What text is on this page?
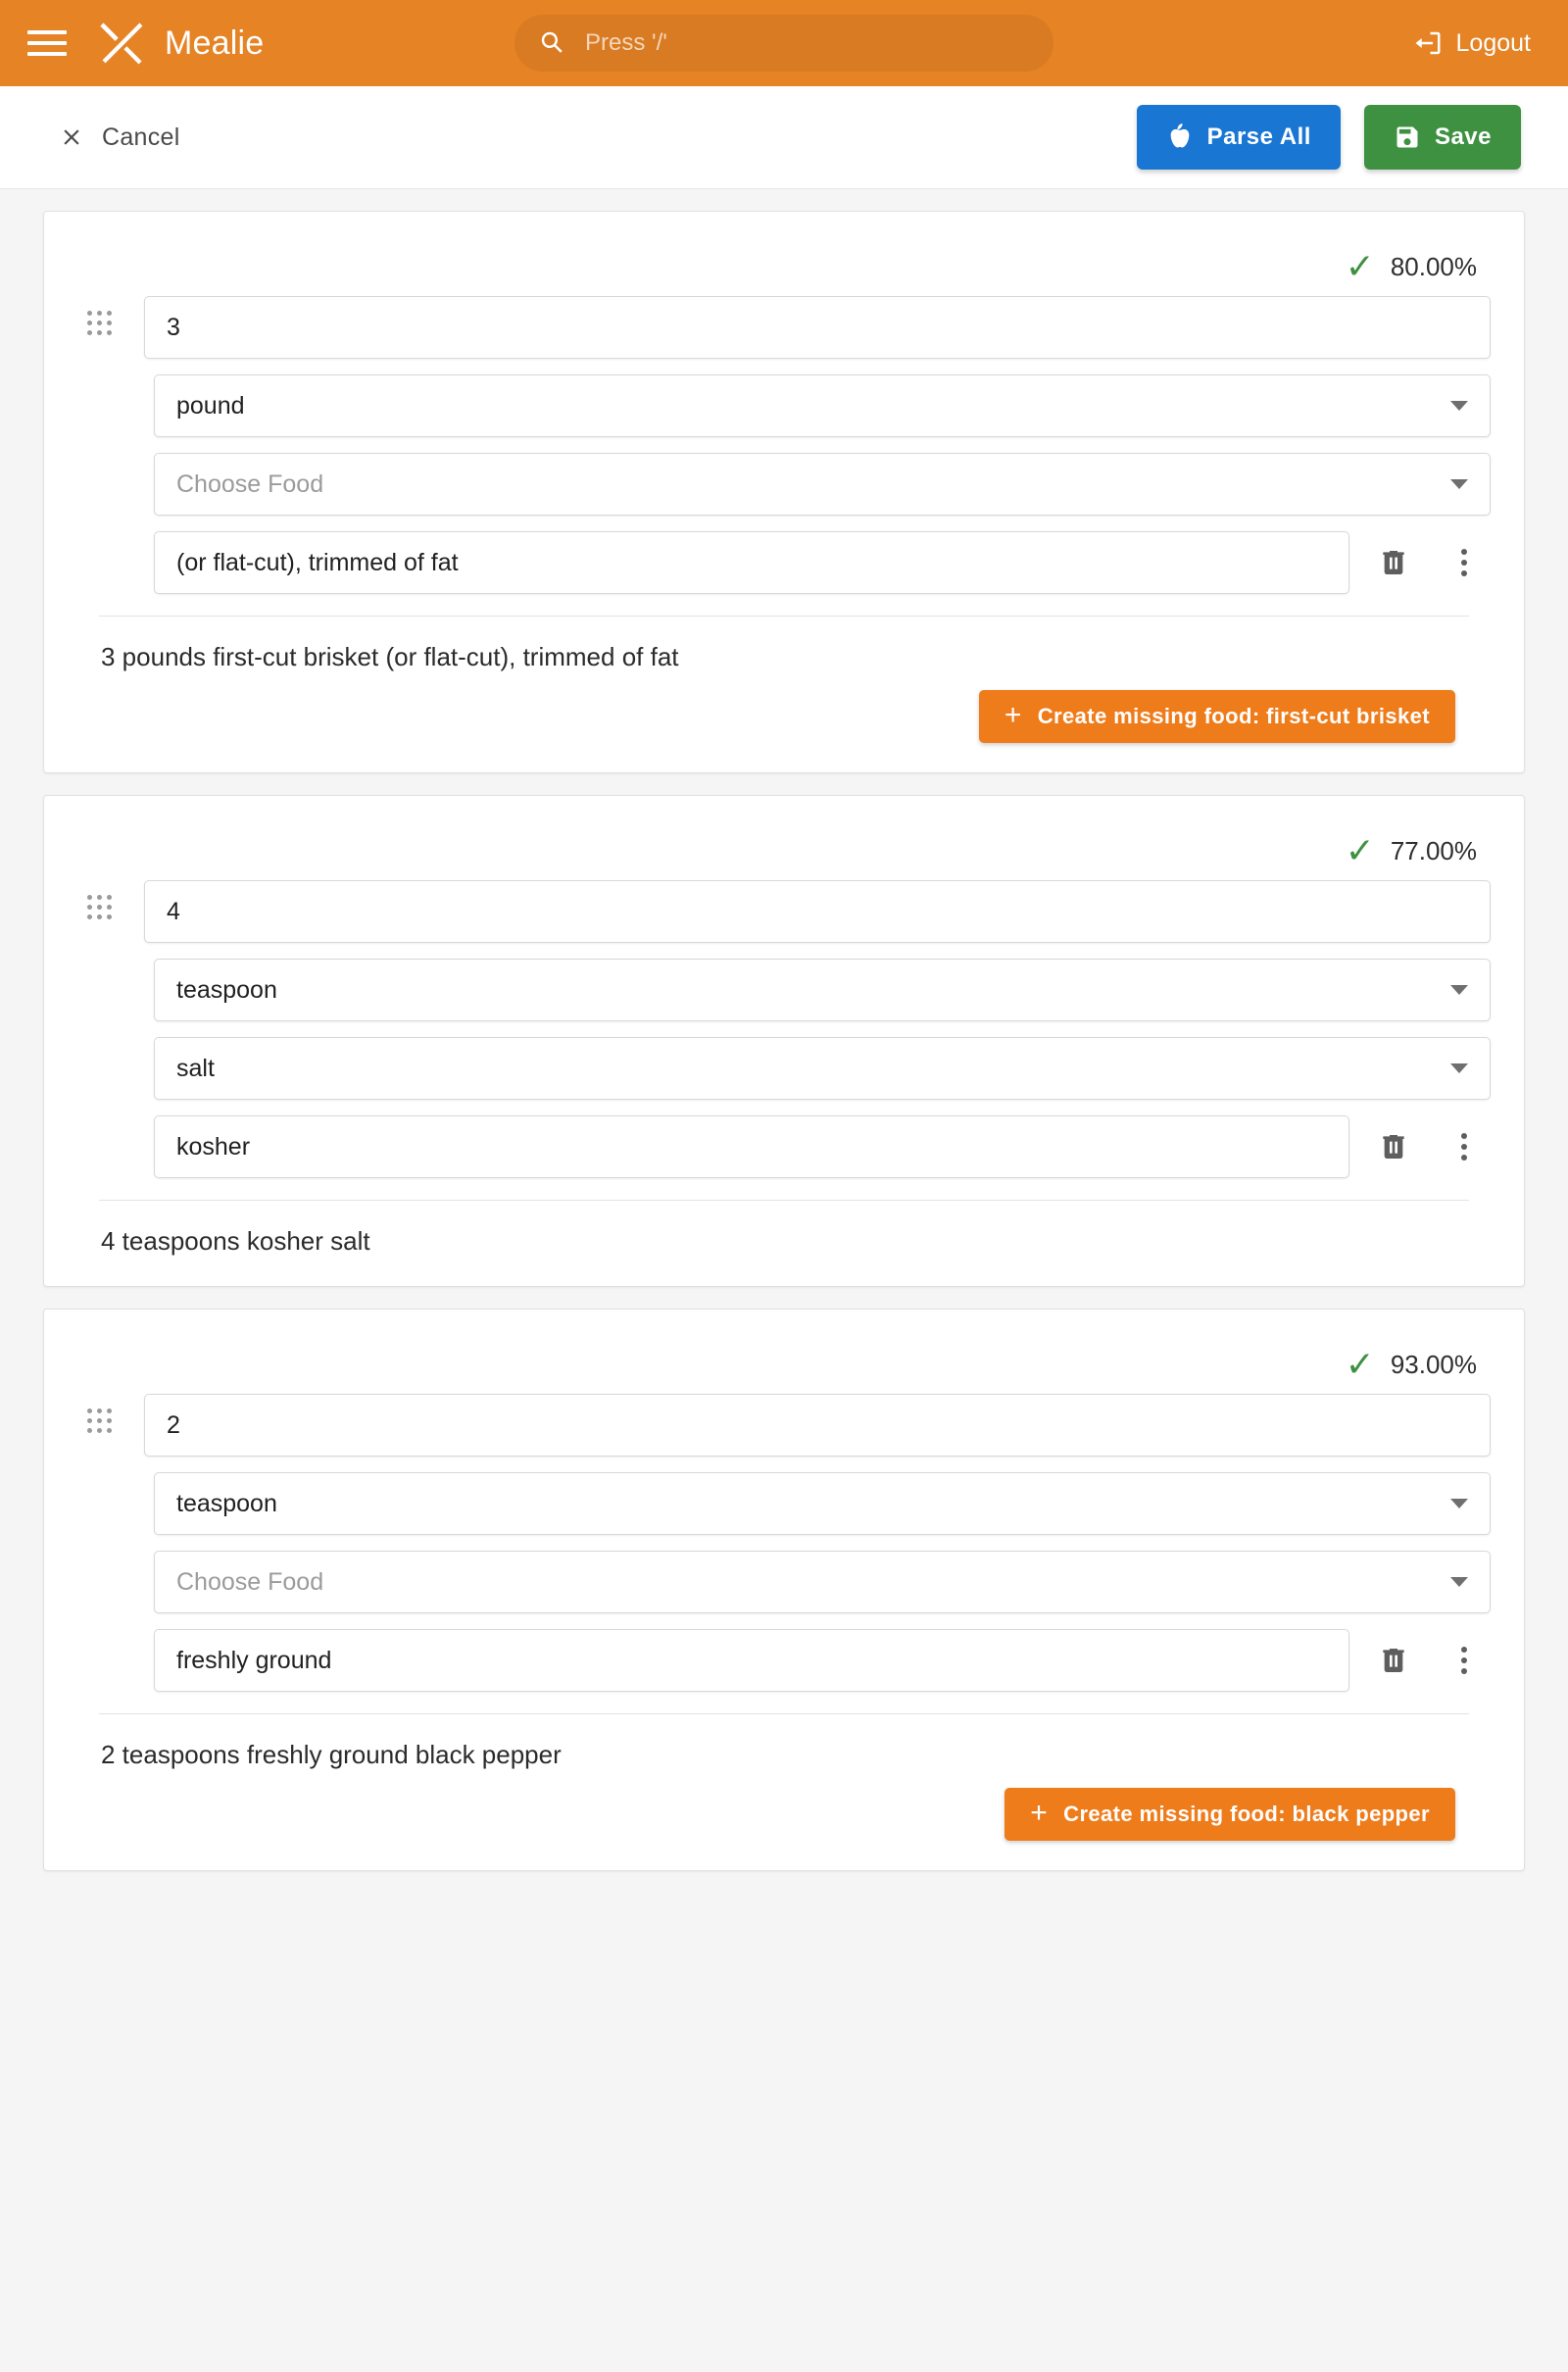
Mealie
Press '/'	Logout
Cancel	Parse All	Save
✓ 80.00%
3
pound
Choose Food
(or flat-cut), trimmed of fat
3 pounds first-cut brisket (or flat-cut), trimmed of fat
+ Create missing food: first-cut brisket
✓ 77.00%
4
teaspoon
salt
kosher
4 teaspoons kosher salt
✓ 93.00%
2
teaspoon
Choose Food
freshly ground
2 teaspoons freshly ground black pepper
+ Create missing food: black pepper
